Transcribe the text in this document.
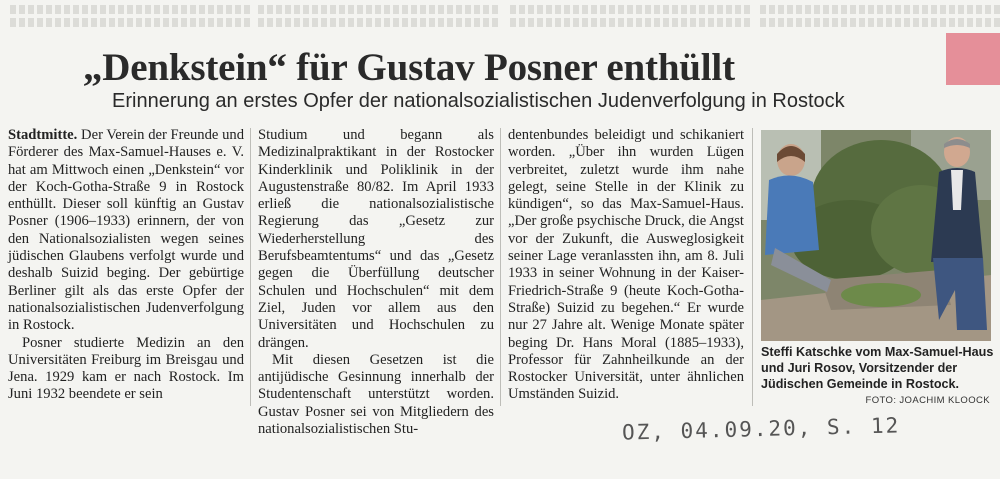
„Denkstein“ für Gustav Posner enthüllt
Erinnerung an erstes Opfer der nationalsozialistischen Judenverfolgung in Rostock

Stadtmitte. Der Verein der Freunde und Förderer des Max-Samuel-Hauses e. V. hat am Mittwoch einen „Denkstein“ vor der Koch-Gotha-Straße 9 in Rostock enthüllt. Dieser soll künftig an Gustav Posner (1906–1933) erinnern, der von den Nationalsozialisten wegen seines jüdischen Glaubens verfolgt wurde und deshalb Suizid beging. Der gebürtige Berliner gilt als das erste Opfer der nationalsozialistischen Judenverfolgung in Rostock.

Posner studierte Medizin an den Universitäten Freiburg im Breisgau und Jena. 1929 kam er nach Rostock. Im Juni 1932 beendete er sein

Studium und begann als Medizinalpraktikant in der Rostocker Kinderklinik und Poliklinik in der Augustenstraße 80/82. Im April 1933 erließ die nationalsozialistische Regierung das „Gesetz zur Wiederherstellung des Berufsbeamtentums“ und das „Gesetz gegen die Überfüllung deutscher Schulen und Hochschulen“ mit dem Ziel, Juden vor allem aus den Universitäten und Hochschulen zu drängen.

Mit diesen Gesetzen ist die antijüdische Gesinnung innerhalb der Studentenschaft unterstützt worden. Gustav Posner sei von Mitgliedern des nationalsozialistischen Stu-

dentenbundes beleidigt und schikaniert worden. „Über ihn wurden Lügen verbreitet, zuletzt wurde ihm nahe gelegt, seine Stelle in der Klinik zu kündigen“, so das Max-Samuel-Haus. „Der große psychische Druck, die Angst vor der Zukunft, die Ausweglosigkeit seiner Lage veranlassten ihn, am 8. Juli 1933 in seiner Wohnung in der Kaiser-Friedrich-Straße 9 (heute Koch-Gotha-Straße) Suizid zu begehen.“ Er wurde nur 27 Jahre alt. Wenige Monate später beging Dr. Hans Moral (1885–1933), Professor für Zahnheilkunde an der Rostocker Universität, unter ähnlichen Umständen Suizid.

Steffi Katschke vom Max-Samuel-Haus und Juri Rosov, Vorsitzender der Jüdischen Gemeinde in Rostock.
FOTO: JOACHIM KLOOCK
OZ, 04.09.20, S. 12
